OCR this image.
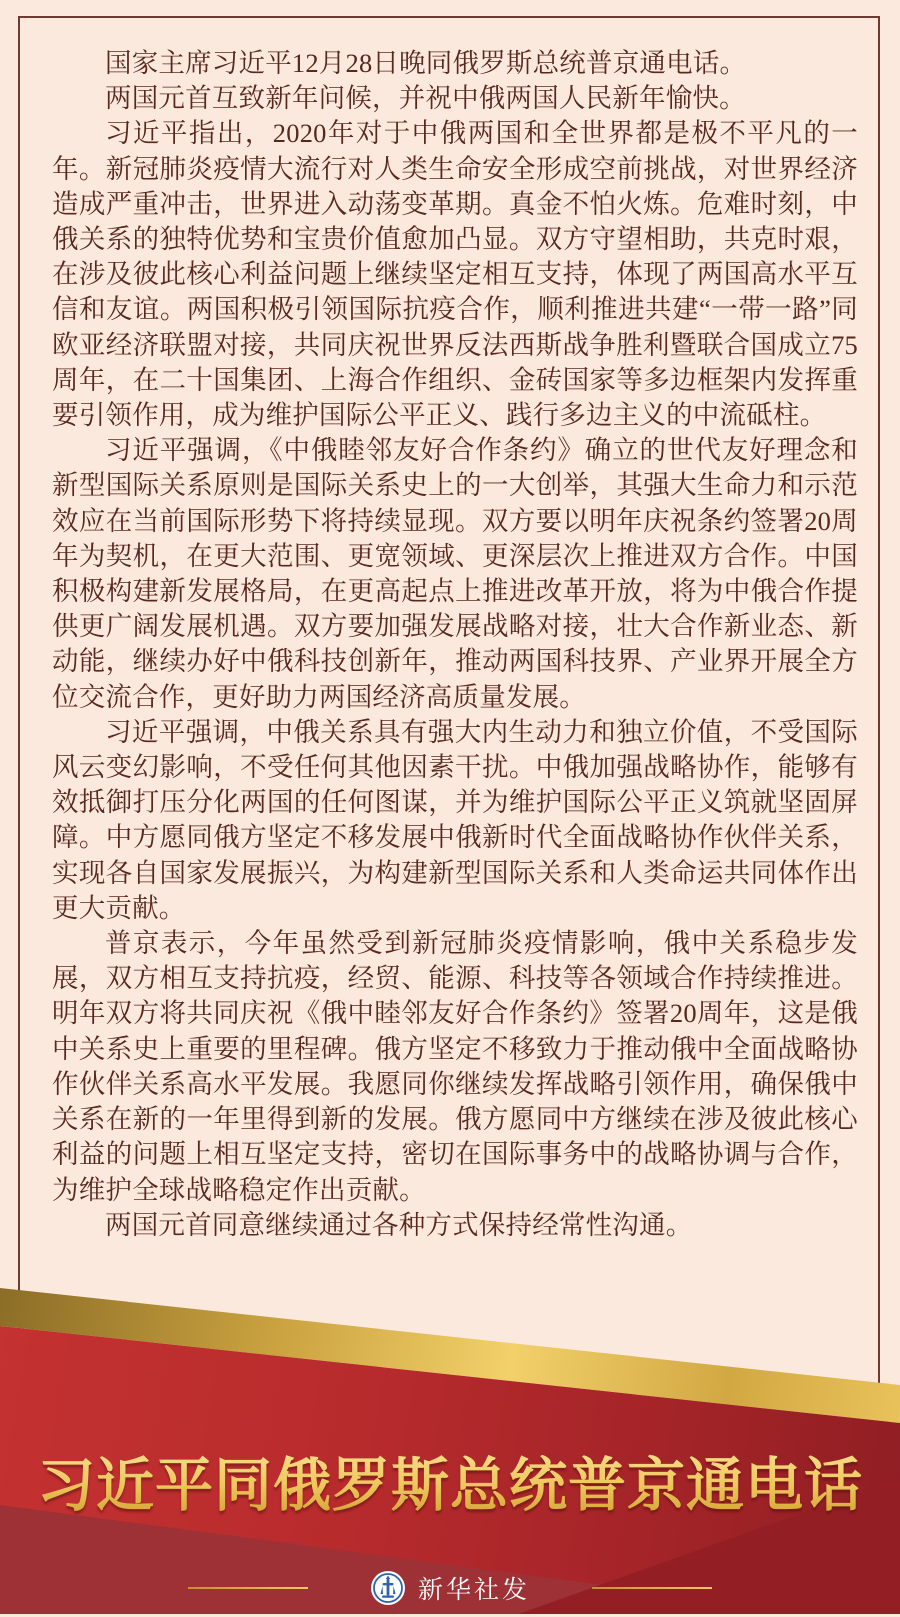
国家主席习近平12月28日晚同俄罗斯总统普京通电话。

两国元首互致新年问候，并祝中俄两国人民新年愉快。

习近平指出，2020年对于中俄两国和全世界都是极不平凡的一年。新冠肺炎疫情大流行对人类生命安全形成空前挑战，对世界经济造成严重冲击，世界进入动荡变革期。真金不怕火炼。危难时刻，中俄关系的独特优势和宝贵价值愈加凸显。双方守望相助，共克时艰，在涉及彼此核心利益问题上继续坚定相互支持，体现了两国高水平互信和友谊。两国积极引领国际抗疫合作，顺利推进共建“一带一路”同欧亚经济联盟对接，共同庆祝世界反法西斯战争胜利暨联合国成立75周年，在二十国集团、上海合作组织、金砖国家等多边框架内发挥重要引领作用，成为维护国际公平正义、践行多边主义的中流砥柱。

习近平强调，《中俄睦邻友好合作条约》确立的世代友好理念和新型国际关系原则是国际关系史上的一大创举，其强大生命力和示范效应在当前国际形势下将持续显现。双方要以明年庆祝条约签署20周年为契机，在更大范围、更宽领域、更深层次上推进双方合作。中国积极构建新发展格局，在更高起点上推进改革开放，将为中俄合作提供更广阔发展机遇。双方要加强发展战略对接，壮大合作新业态、新动能，继续办好中俄科技创新年，推动两国科技界、产业界开展全方位交流合作，更好助力两国经济高质量发展。

习近平强调，中俄关系具有强大内生动力和独立价值，不受国际风云变幻影响，不受任何其他因素干扰。中俄加强战略协作，能够有效抵御打压分化两国的任何图谋，并为维护国际公平正义筑就坚固屏障。中方愿同俄方坚定不移发展中俄新时代全面战略协作伙伴关系，实现各自国家发展振兴，为构建新型国际关系和人类命运共同体作出更大贡献。

普京表示，今年虽然受到新冠肺炎疫情影响，俄中关系稳步发展，双方相互支持抗疫，经贸、能源、科技等各领域合作持续推进。明年双方将共同庆祝《俄中睦邻友好合作条约》签署20周年，这是俄中关系史上重要的里程碑。俄方坚定不移致力于推动俄中全面战略协作伙伴关系高水平发展。我愿同你继续发挥战略引领作用，确保俄中关系在新的一年里得到新的发展。俄方愿同中方继续在涉及彼此核心利益的问题上相互坚定支持，密切在国际事务中的战略协调与合作，为维护全球战略稳定作出贡献。

两国元首同意继续通过各种方式保持经常性沟通。

习近平同俄罗斯总统普京通电话
新华社发
